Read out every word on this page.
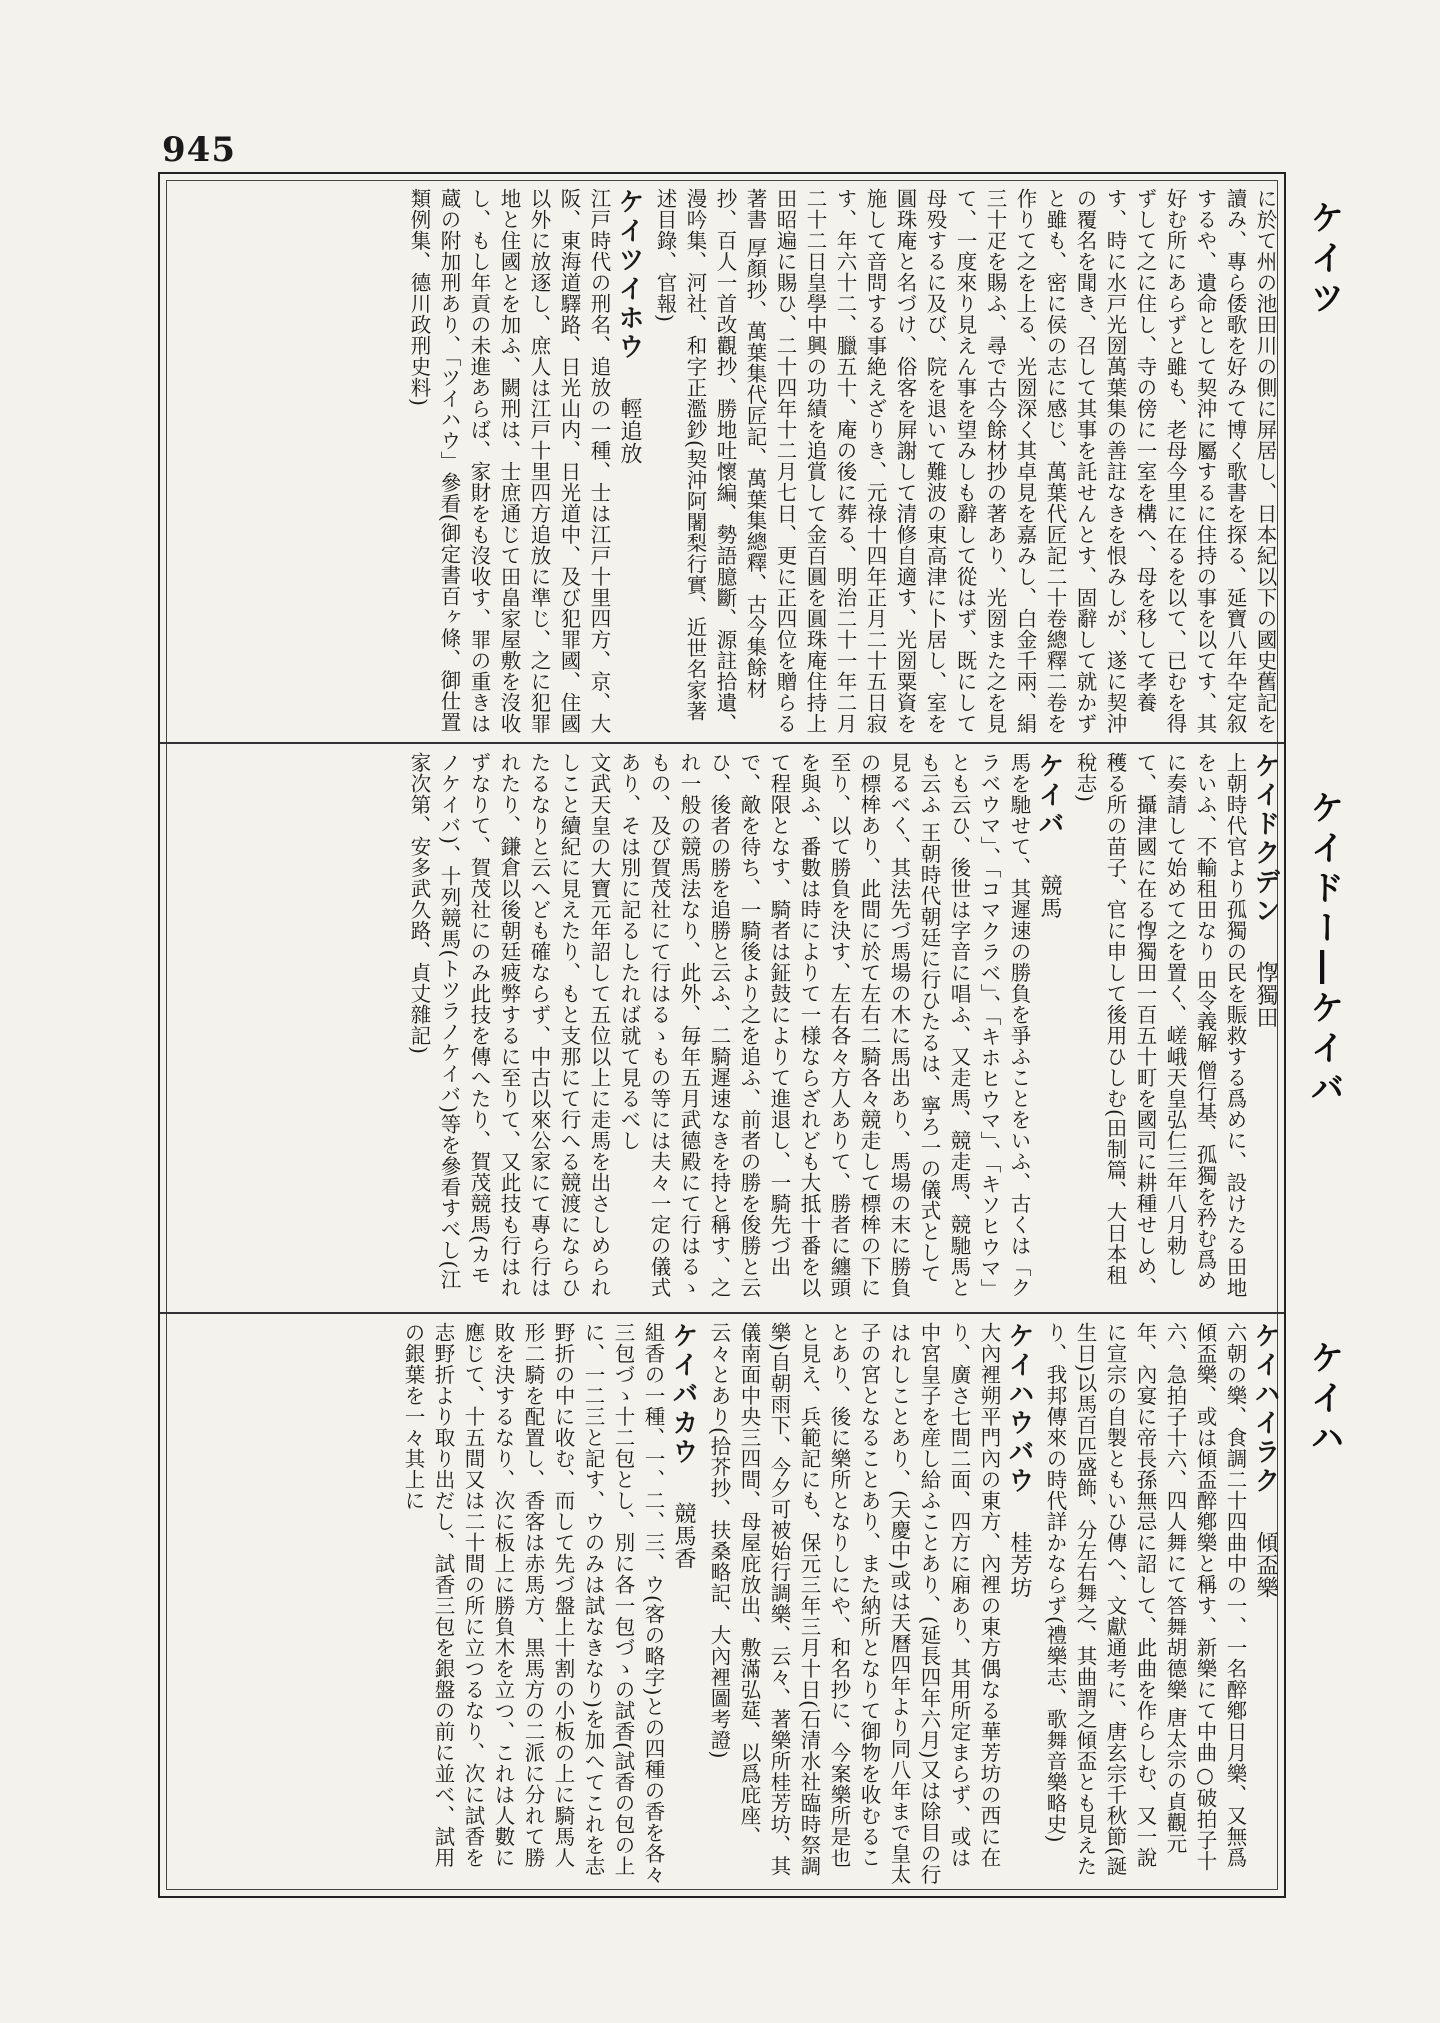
945
に於て州の池田川の側に屏居し、日本紀以下の國史舊記を讀み、專ら倭歌を好みて博く歌書を探る、延寶八年卆定叙するや、遺命として契沖に屬するに住持の事を以てす、其好む所にあらずと雖も、老母今里に在るを以て、已むを得ずして之に住し、寺の傍に一室を構へ、母を移して孝養す、時に水戸光圀萬葉集の善註なきを恨みしが、遂に契沖の覆名を聞き、召して其事を託せんとす、固辭して就かずと雖も、密に侯の志に感じ、萬葉代匠記二十卷總釋二卷を作りて之を上る、光圀深く其卓見を嘉みし、白金千兩、絹三十疋を賜ふ、尋で古今餘材抄の著あり、光圀また之を見て、一度來り見えん事を望みしも辭して從はず、既にして母殁するに及び、院を退いて難波の東高津に卜居し、室を圓珠庵と名づけ、俗客を屛謝して清修自適す、光圀粟資を施して音問する事絶えざりき、元祿十四年正月二十五日寂す、年六十二、臘五十、庵の後に葬る、明治二十一年二月二十二日皇學中興の功績を追賞して金百圓を圓珠庵住持上田昭遍に賜ひ、二十四年十二月七日、更に正四位を贈らる
著書 厚顏抄、萬葉集代匠記、萬葉集總釋、古今集餘材抄、百人一首改觀抄、勝地吐懷編、勢語臆斷、源註拾遺、漫吟集、河社、和字正濫鈔(契沖阿闍梨行實、近世名家著述目錄、官報)
ケイツイホウ 輕追放
江戸時代の刑名、追放の一種、士は江戸十里四方、京、大阪、東海道驛路、日光山内、日光道中、及び犯罪國、住國以外に放逐し、庶人は江戸十里四方追放に準じ、之に犯罪地と住國とを加ふ、闕刑は、士庶通じて田畠家屋敷を沒收し、もし年貢の未進あらば、家財をも沒收す、罪の重きは蔵の附加刑あり、「ツイハウ」參看(御定書百ヶ條、御仕置類例集、德川政刑史料)
ケイドクデン 惸獨田
上朝時代官より孤獨の民を賑救する爲めに、設けたる田地をいふ、不輸租田なり 田令義解 僧行基、孤獨を矜む爲めに奏請して始めて之を置く、嵯峨天皇弘仁三年八月勅して、攝津國に在る惸獨田一百五十町を國司に耕種せしめ、穫る所の苗子、官に申して後用ひしむ(田制篇、大日本租稅志)
ケイバ 競馬
馬を馳せて、其遲速の勝負を爭ふことをいふ、古くは「クラベウマ」、「コマクラベ」、「キホヒウマ」、「キソヒウマ」とも云ひ、後世は字音に唱ふ、又走馬、競走馬、競馳馬とも云ふ 王朝時代朝廷に行ひたるは、寧ろ一の儀式として見るべく、其法先づ馬場の木に馬出あり、馬場の末に勝負の標桙あり、此間に於て左右二騎各々競走して標桙の下に至り、以て勝負を決す、左右各々方人ありて、勝者に纏頭を與ふ、番數は時によりて一様ならざれども大抵十番を以て程限となす、騎者は鉦鼓によりて進退し、一騎先づ出で、敵を待ち、一騎後より之を追ふ、前者の勝を俊勝と云ひ、後者の勝を追勝と云ふ、二騎遲速なきを持と稱す、之れ一般の競馬法なり、此外、毎年五月武德殿にて行はるゝもの、及び賀茂社にて行はるゝもの等には夫々一定の儀式あり、そは別に記るしたれば就て見るべし
文武天皇の大寶元年詔して五位以上に走馬を出さしめられしこと續紀に見えたり、もと支那にて行へる競渡にならひたるなりと云へども確ならず、中古以來公家にて專ら行はれたり、鎌倉以後朝廷疲弊するに至りて、又此技も行はれずなりて、賀茂社にのみ此技を傳へたり、賀茂競馬(カモノケイバ)、十列競馬(トツラノケイバ)等を參看すべし(江家次第、安多武久路、貞丈雜記)
ケイハイラク 傾盃樂
六朝の樂、食調二十四曲中の一、一名醉鄕日月樂、又無爲傾盃樂、或は傾盃醉鄕樂と稱す、新樂にて中曲○破拍子十六、急拍子十六、四人舞にて答舞胡德樂 唐太宗の貞觀元年、內宴に帝長孫無忌に詔して、此曲を作らしむ、又一說に宣宗の自製ともいひ傳へ、文獻通考に、唐玄宗千秋節(誕生日)以馬百匹盛飾、分左右舞之、其曲謂之傾盃とも見えたり、我邦傳來の時代詳かならず(禮樂志、歌舞音樂略史)
ケイハウバウ 桂芳坊
大內裡朔平門內の東方、內裡の東方偶なる華芳坊の西に在り、廣さ七間二面、四方に廂あり、其用所定まらず、或は中宮皇子を産し給ふことあり、(延長四年六月)又は除目の行はれしことあり、(天慶中)或は天曆四年より同八年まで皇太子の宮となることあり、また納所となりて御物を收むることあり、後に樂所となりしにや、和名抄に、今案樂所是也と見え、兵範記にも、保元三年三月十日(石清水社臨時祭調樂)自朝雨下、今夕可被始行調樂、云々、著樂所桂芳坊、其儀南面中央三四間、母屋庇放出、敷滿弘莚、以爲庇座、云々とあり(拾芥抄、扶桑略記、大內裡圖考證)
ケイバカウ 競馬香
組香の一種、一、二、三、ウ(客の略字)との四種の香を各々三包づゝ十二包とし、別に各一包づゝの試香(試香の包の上に、一二三と記す、ウのみは試なきなり)を加へてこれを志野折の中に收む、而して先づ盤上十割の小板の上に騎馬人形二騎を配置し、香客は赤馬方、黒馬方の二派に分れて勝敗を決するなり、次に板上に勝負木を立つ、これは人數に應じて、十五間又は二十間の所に立つるなり、次に試香を志野折より取り出だし、試香三包を銀盤の前に並べ、試用の銀葉を一々其上に
ケイツ
ケイドー―ケイバ
ケイハ
